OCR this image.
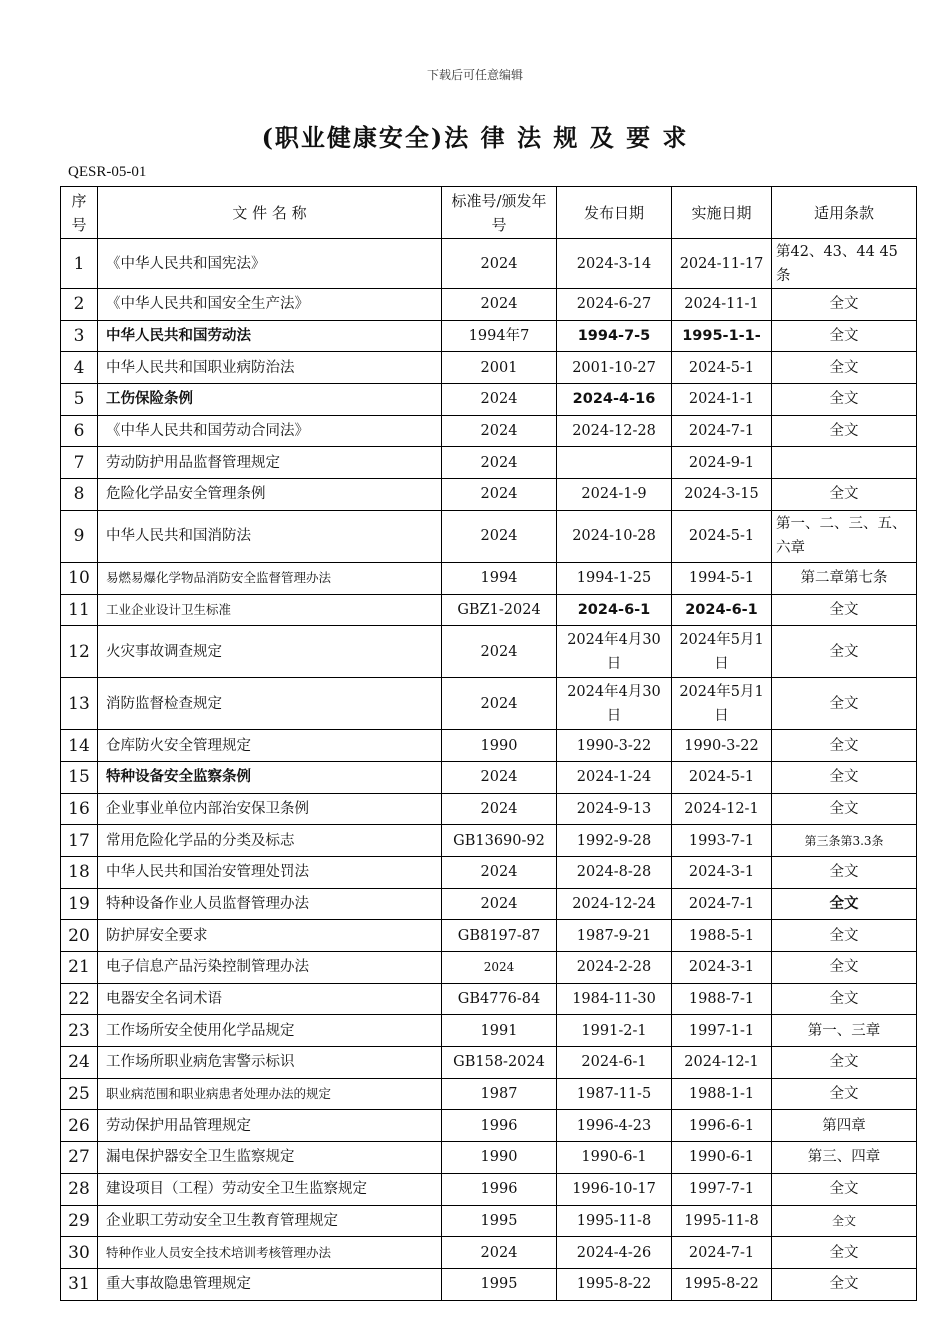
下载后可任意编辑
(职业健康安全)法 律 法 规 及 要 求
QESR-05-01
序号	文 件 名 称	标准号/颁发年号	发布日期	实施日期	适用条款
1	《中华人民共和国宪法》	2024	2024-3-14	2024-11-17	第42、43、44 45条
2	《中华人民共和国安全生产法》	2024	2024-6-27	2024-11-1	全文
3	中华人民共和国劳动法	1994年7	1994-7-5	1995-1-1-	全文
4	中华人民共和国职业病防治法	2001	2001-10-27	2024-5-1	全文
5	工伤保险条例	2024	2024-4-16	2024-1-1	全文
6	《中华人民共和国劳动合同法》	2024	2024-12-28	2024-7-1	全文
7	劳动防护用品监督管理规定	2024		2024-9-1	
8	危险化学品安全管理条例	2024	2024-1-9	2024-3-15	全文
9	中华人民共和国消防法	2024	2024-10-28	2024-5-1	第一、二、三、五、六章
10	易燃易爆化学物品消防安全监督管理办法	1994	1994-1-25	1994-5-1	第二章第七条
11	工业企业设计卫生标准	GBZ1-2024	2024-6-1	2024-6-1	全文
12	火灾事故调查规定	2024	2024年4月30日	2024年5月1日	全文
13	消防监督检查规定	2024	2024年4月30日	2024年5月1日	全文
14	仓库防火安全管理规定	1990	1990-3-22	1990-3-22	全文
15	特种设备安全监察条例	2024	2024-1-24	2024-5-1	全文
16	企业事业单位内部治安保卫条例	2024	2024-9-13	2024-12-1	全文
17	常用危险化学品的分类及标志	GB13690-92	1992-9-28	1993-7-1	第三条第3.3条
18	中华人民共和国治安管理处罚法	2024	2024-8-28	2024-3-1	全文
19	特种设备作业人员监督管理办法	2024	2024-12-24	2024-7-1	全文
20	防护屏安全要求	GB8197-87	1987-9-21	1988-5-1	全文
21	电子信息产品污染控制管理办法	2024	2024-2-28	2024-3-1	全文
22	电器安全名词术语	GB4776-84	1984-11-30	1988-7-1	全文
23	工作场所安全使用化学品规定	1991	1991-2-1	1997-1-1	第一、三章
24	工作场所职业病危害警示标识	GB158-2024	2024-6-1	2024-12-1	全文
25	职业病范围和职业病患者处理办法的规定	1987	1987-11-5	1988-1-1	全文
26	劳动保护用品管理规定	1996	1996-4-23	1996-6-1	第四章
27	漏电保护器安全卫生监察规定	1990	1990-6-1	1990-6-1	第三、四章
28	建设项目（工程）劳动安全卫生监察规定	1996	1996-10-17	1997-7-1	全文
29	企业职工劳动安全卫生教育管理规定	1995	1995-11-8	1995-11-8	全文
30	特种作业人员安全技术培训考核管理办法	2024	2024-4-26	2024-7-1	全文
31	重大事故隐患管理规定	1995	1995-8-22	1995-8-22	全文
